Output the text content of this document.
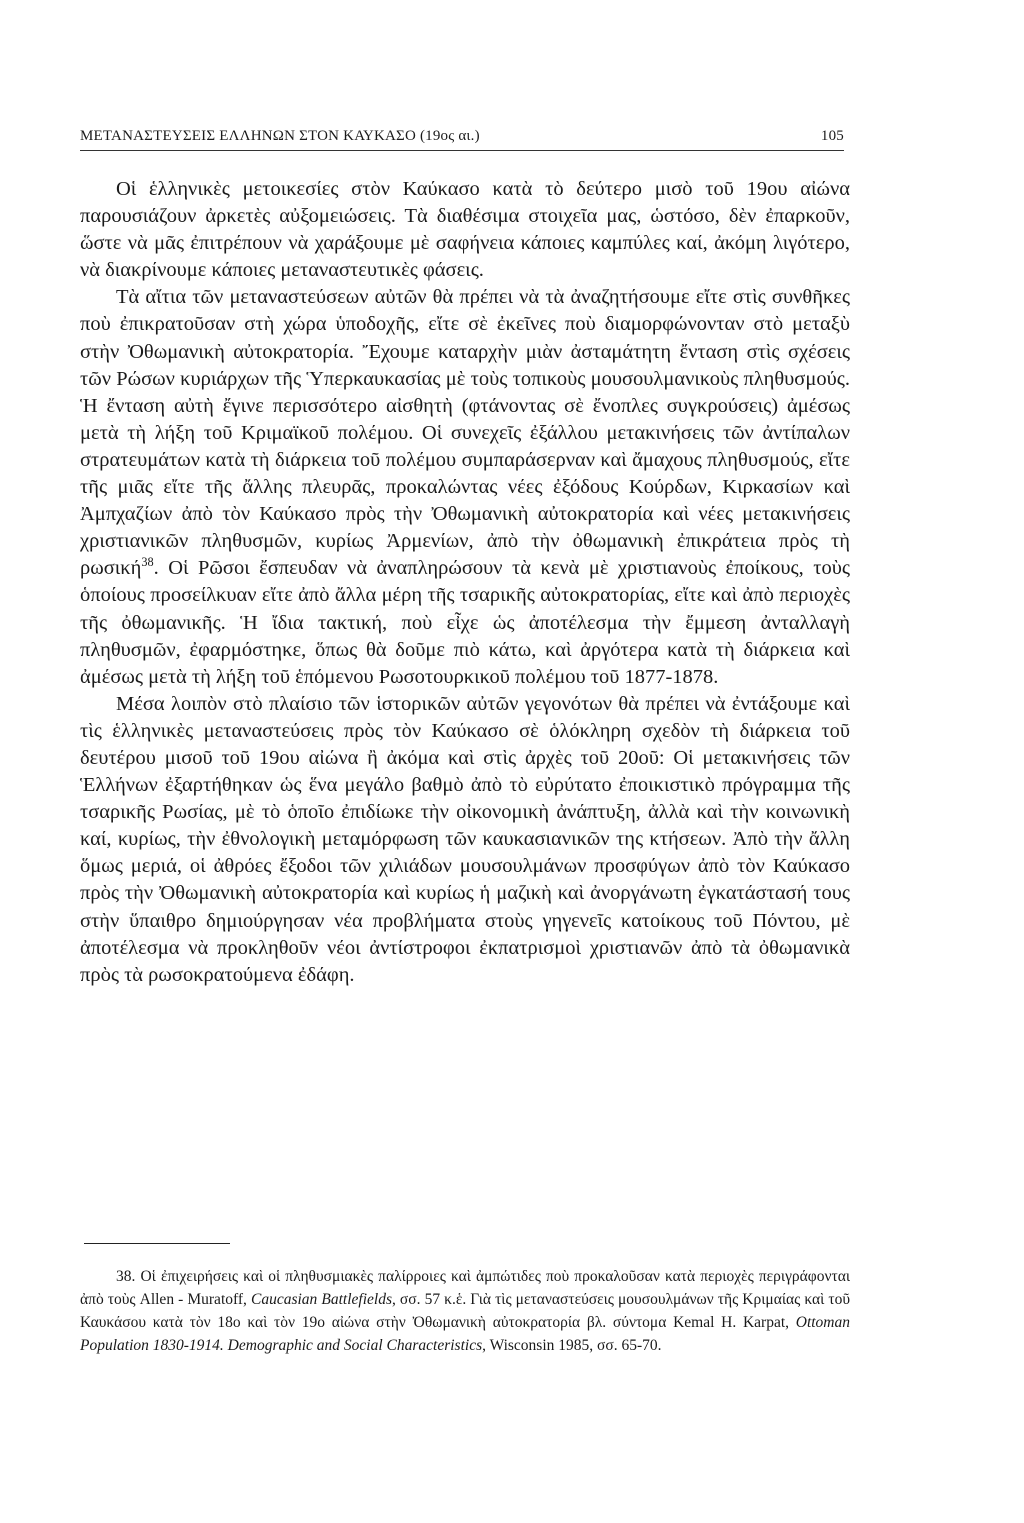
ΜΕΤΑΝΑΣΤΕΥΣΕΙΣ ΕΛΛΗΝΩΝ ΣΤΟΝ ΚΑΥΚΑΣΟ (19ος αι.)	105

Οἱ ἑλληνικὲς μετοικεσίες στὸν Καύκασο κατὰ τὸ δεύτερο μισὸ τοῦ 19ου αἰώνα παρουσιάζουν ἀρκετὲς αὐξομειώσεις. Τὰ διαθέσιμα στοιχεῖα μας, ὡστόσο, δὲν ἐπαρκοῦν, ὥστε νὰ μᾶς ἐπιτρέπουν νὰ χαράξουμε μὲ σαφήνεια κάποιες καμπύλες καί, ἀκόμη λιγότερο, νὰ διακρίνουμε κάποιες μεταναστευτικὲς φάσεις.

Τὰ αἴτια τῶν μεταναστεύσεων αὐτῶν θὰ πρέπει νὰ τὰ ἀναζητήσουμε εἴτε στὶς συνθῆκες ποὺ ἐπικρατοῦσαν στὴ χώρα ὑποδοχῆς, εἴτε σὲ ἐκεῖνες ποὺ διαμορφώνονταν στὸ μεταξὺ στὴν Ὀθωμανικὴ αὐτοκρατορία. Ἔχουμε καταρχὴν μιὰν ἀσταμάτητη ἔνταση στὶς σχέσεις τῶν Ρώσων κυριάρχων τῆς Ὑπερκαυκασίας μὲ τοὺς τοπικοὺς μουσουλμανικοὺς πληθυσμούς. Ἡ ἔνταση αὐτὴ ἔγινε περισσότερο αἰσθητὴ (φτάνοντας σὲ ἔνοπλες συγκρούσεις) ἀμέσως μετὰ τὴ λήξη τοῦ Κριμαϊκοῦ πολέμου. Οἱ συνεχεῖς ἐξάλλου μετακινήσεις τῶν ἀντίπαλων στρατευμάτων κατὰ τὴ διάρκεια τοῦ πολέμου συμπαράσερναν καὶ ἄμαχους πληθυσμούς, εἴτε τῆς μιᾶς εἴτε τῆς ἄλλης πλευρᾶς, προκαλώντας νέες ἐξόδους Κούρδων, Κιρκασίων καὶ Ἀμπχαζίων ἀπὸ τὸν Καύκασο πρὸς τὴν Ὀθωμανικὴ αὐτοκρατορία καὶ νέες μετακινήσεις χριστιανικῶν πληθυσμῶν, κυρίως Ἀρμενίων, ἀπὸ τὴν ὀθωμανικὴ ἐπικράτεια πρὸς τὴ ρωσική$^{38}$. Οἱ Ρῶσοι ἔσπευδαν νὰ ἀναπληρώσουν τὰ κενὰ μὲ χριστιανοὺς ἐποίκους, τοὺς ὁποίους προσείλκυαν εἴτε ἀπὸ ἄλλα μέρη τῆς τσαρικῆς αὐτοκρατορίας, εἴτε καὶ ἀπὸ περιοχὲς τῆς ὀθωμανικῆς. Ἡ ἴδια τακτική, ποὺ εἶχε ὡς ἀποτέλεσμα τὴν ἔμμεση ἀνταλλαγὴ πληθυσμῶν, ἐφαρμόστηκε, ὅπως θὰ δοῦμε πιὸ κάτω, καὶ ἀργότερα κατὰ τὴ διάρκεια καὶ ἀμέσως μετὰ τὴ λήξη τοῦ ἑπόμενου Ρωσοτουρκικοῦ πολέμου τοῦ 1877-1878.

Μέσα λοιπὸν στὸ πλαίσιο τῶν ἱστορικῶν αὐτῶν γεγονότων θὰ πρέπει νὰ ἐντάξουμε καὶ τὶς ἑλληνικὲς μεταναστεύσεις πρὸς τὸν Καύκασο σὲ ὁλόκληρη σχεδὸν τὴ διάρκεια τοῦ δευτέρου μισοῦ τοῦ 19ου αἰώνα ἢ ἀκόμα καὶ στὶς ἀρχὲς τοῦ 20οῦ: Οἱ μετακινήσεις τῶν Ἑλλήνων ἐξαρτήθηκαν ὡς ἕνα μεγάλο βαθμὸ ἀπὸ τὸ εὐρύτατο ἐποικιστικὸ πρόγραμμα τῆς τσαρικῆς Ρωσίας, μὲ τὸ ὁποῖο ἐπιδίωκε τὴν οἰκονομικὴ ἀνάπτυξη, ἀλλὰ καὶ τὴν κοινωνικὴ καί, κυρίως, τὴν ἐθνολογικὴ μεταμόρφωση τῶν καυκασιανικῶν της κτήσεων. Ἀπὸ τὴν ἄλλη ὅμως μεριά, οἱ ἀθρόες ἔξοδοι τῶν χιλιάδων μουσουλμάνων προσφύγων ἀπὸ τὸν Καύκασο πρὸς τὴν Ὀθωμανικὴ αὐτοκρατορία καὶ κυρίως ἡ μαζικὴ καὶ ἀνοργάνωτη ἐγκατάστασή τους στὴν ὕπαιθρο δημιούργησαν νέα προβλήματα στοὺς γηγενεῖς κατοίκους τοῦ Πόντου, μὲ ἀποτέλεσμα νὰ προκληθοῦν νέοι ἀντίστροφοι ἐκπατρισμοὶ χριστιανῶν ἀπὸ τὰ ὀθωμανικὰ πρὸς τὰ ρωσοκρατούμενα ἐδάφη.

38. Οἱ ἐπιχειρήσεις καὶ οἱ πληθυσμιακὲς παλίρροιες καὶ ἀμπώτιδες ποὺ προκαλοῦσαν κατὰ περιοχὲς περιγράφονται ἀπὸ τοὺς Allen - Muratoff, Caucasian Battlefields, σσ. 57 κ.ἑ. Γιὰ τὶς μεταναστεύσεις μουσουλμάνων τῆς Κριμαίας καὶ τοῦ Καυκάσου κατὰ τὸν 18ο καὶ τὸν 19ο αἰώνα στὴν Ὀθωμανικὴ αὐτοκρατορία βλ. σύντομα Kemal H. Karpat, Ottoman Population 1830-1914. Demographic and Social Characteristics, Wisconsin 1985, σσ. 65-70.
